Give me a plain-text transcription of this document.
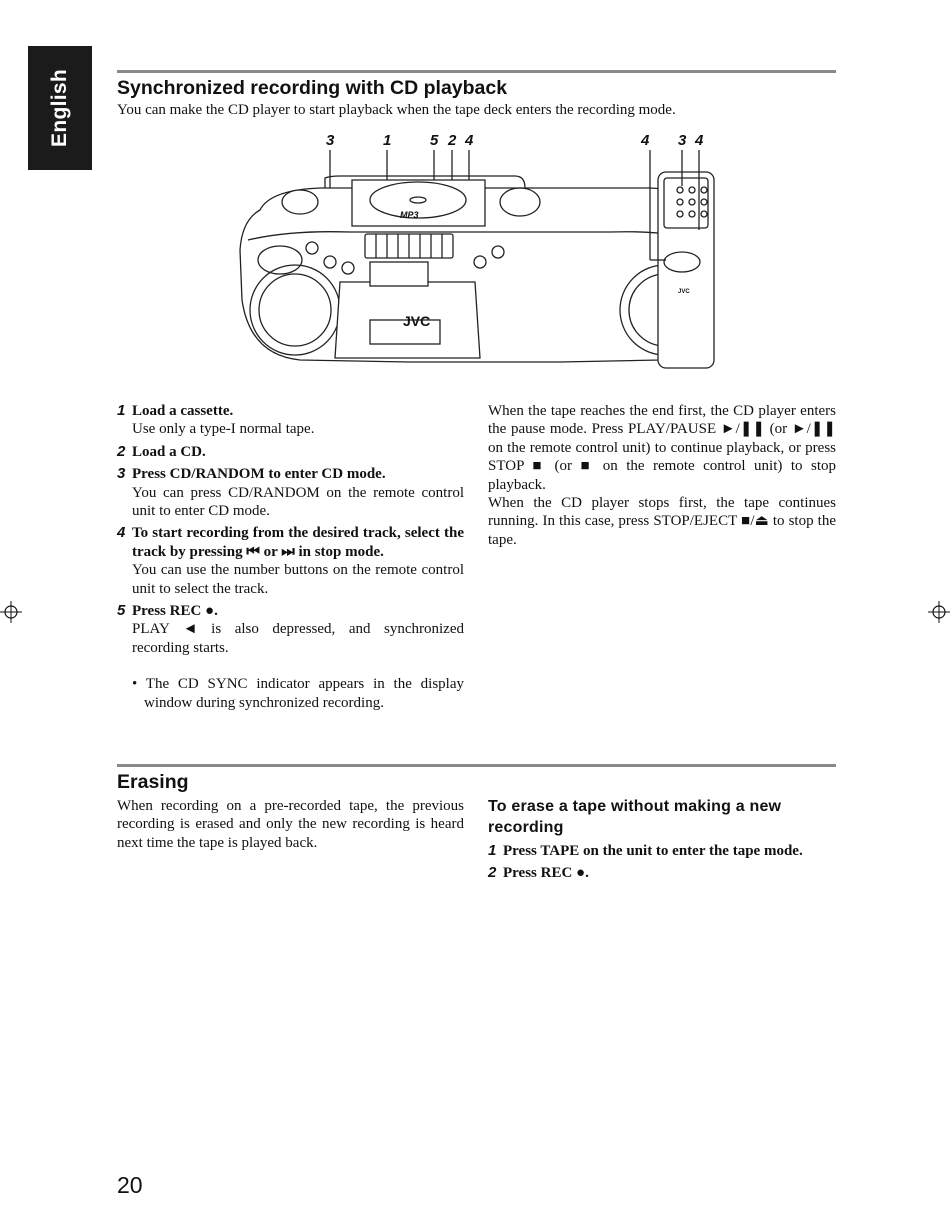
English Synchronized recording with CD playback
You can make the CD player to start playback when the tape deck enters the recording mode.
3	1	5 2 4	4 3 4
JVC
MP3
JVC
1 Load a cassette.
Use only a type-I normal tape.
2 Load a CD.
3 Press CD/RANDOM to enter CD mode.
You can press CD/RANDOM on the remote control unit to enter CD mode.
4 To start recording from the desired track, select the track by pressing ⏮ or ⏭ in stop mode.
You can use the number buttons on the remote control unit to select the track.
5 Press REC ●.
PLAY ◄ is also depressed, and synchronized recording starts.
• The CD SYNC indicator appears in the display window during synchronized recording.
When the tape reaches the end first, the CD player enters the pause mode. Press PLAY/PAUSE ►/❚❚ (or ►/❚❚ on the remote control unit) to continue playback, or press STOP ■ (or ■ on the remote control unit) to stop playback.
When the CD player stops first, the tape continues running. In this case, press STOP/EJECT ■/⏏ to stop the tape.
Erasing
When recording on a pre-recorded tape, the previous recording is erased and only the new recording is heard next time the tape is played back.
To erase a tape without making a new recording
1 Press TAPE on the unit to enter the tape mode.
2 Press REC ●.
20
